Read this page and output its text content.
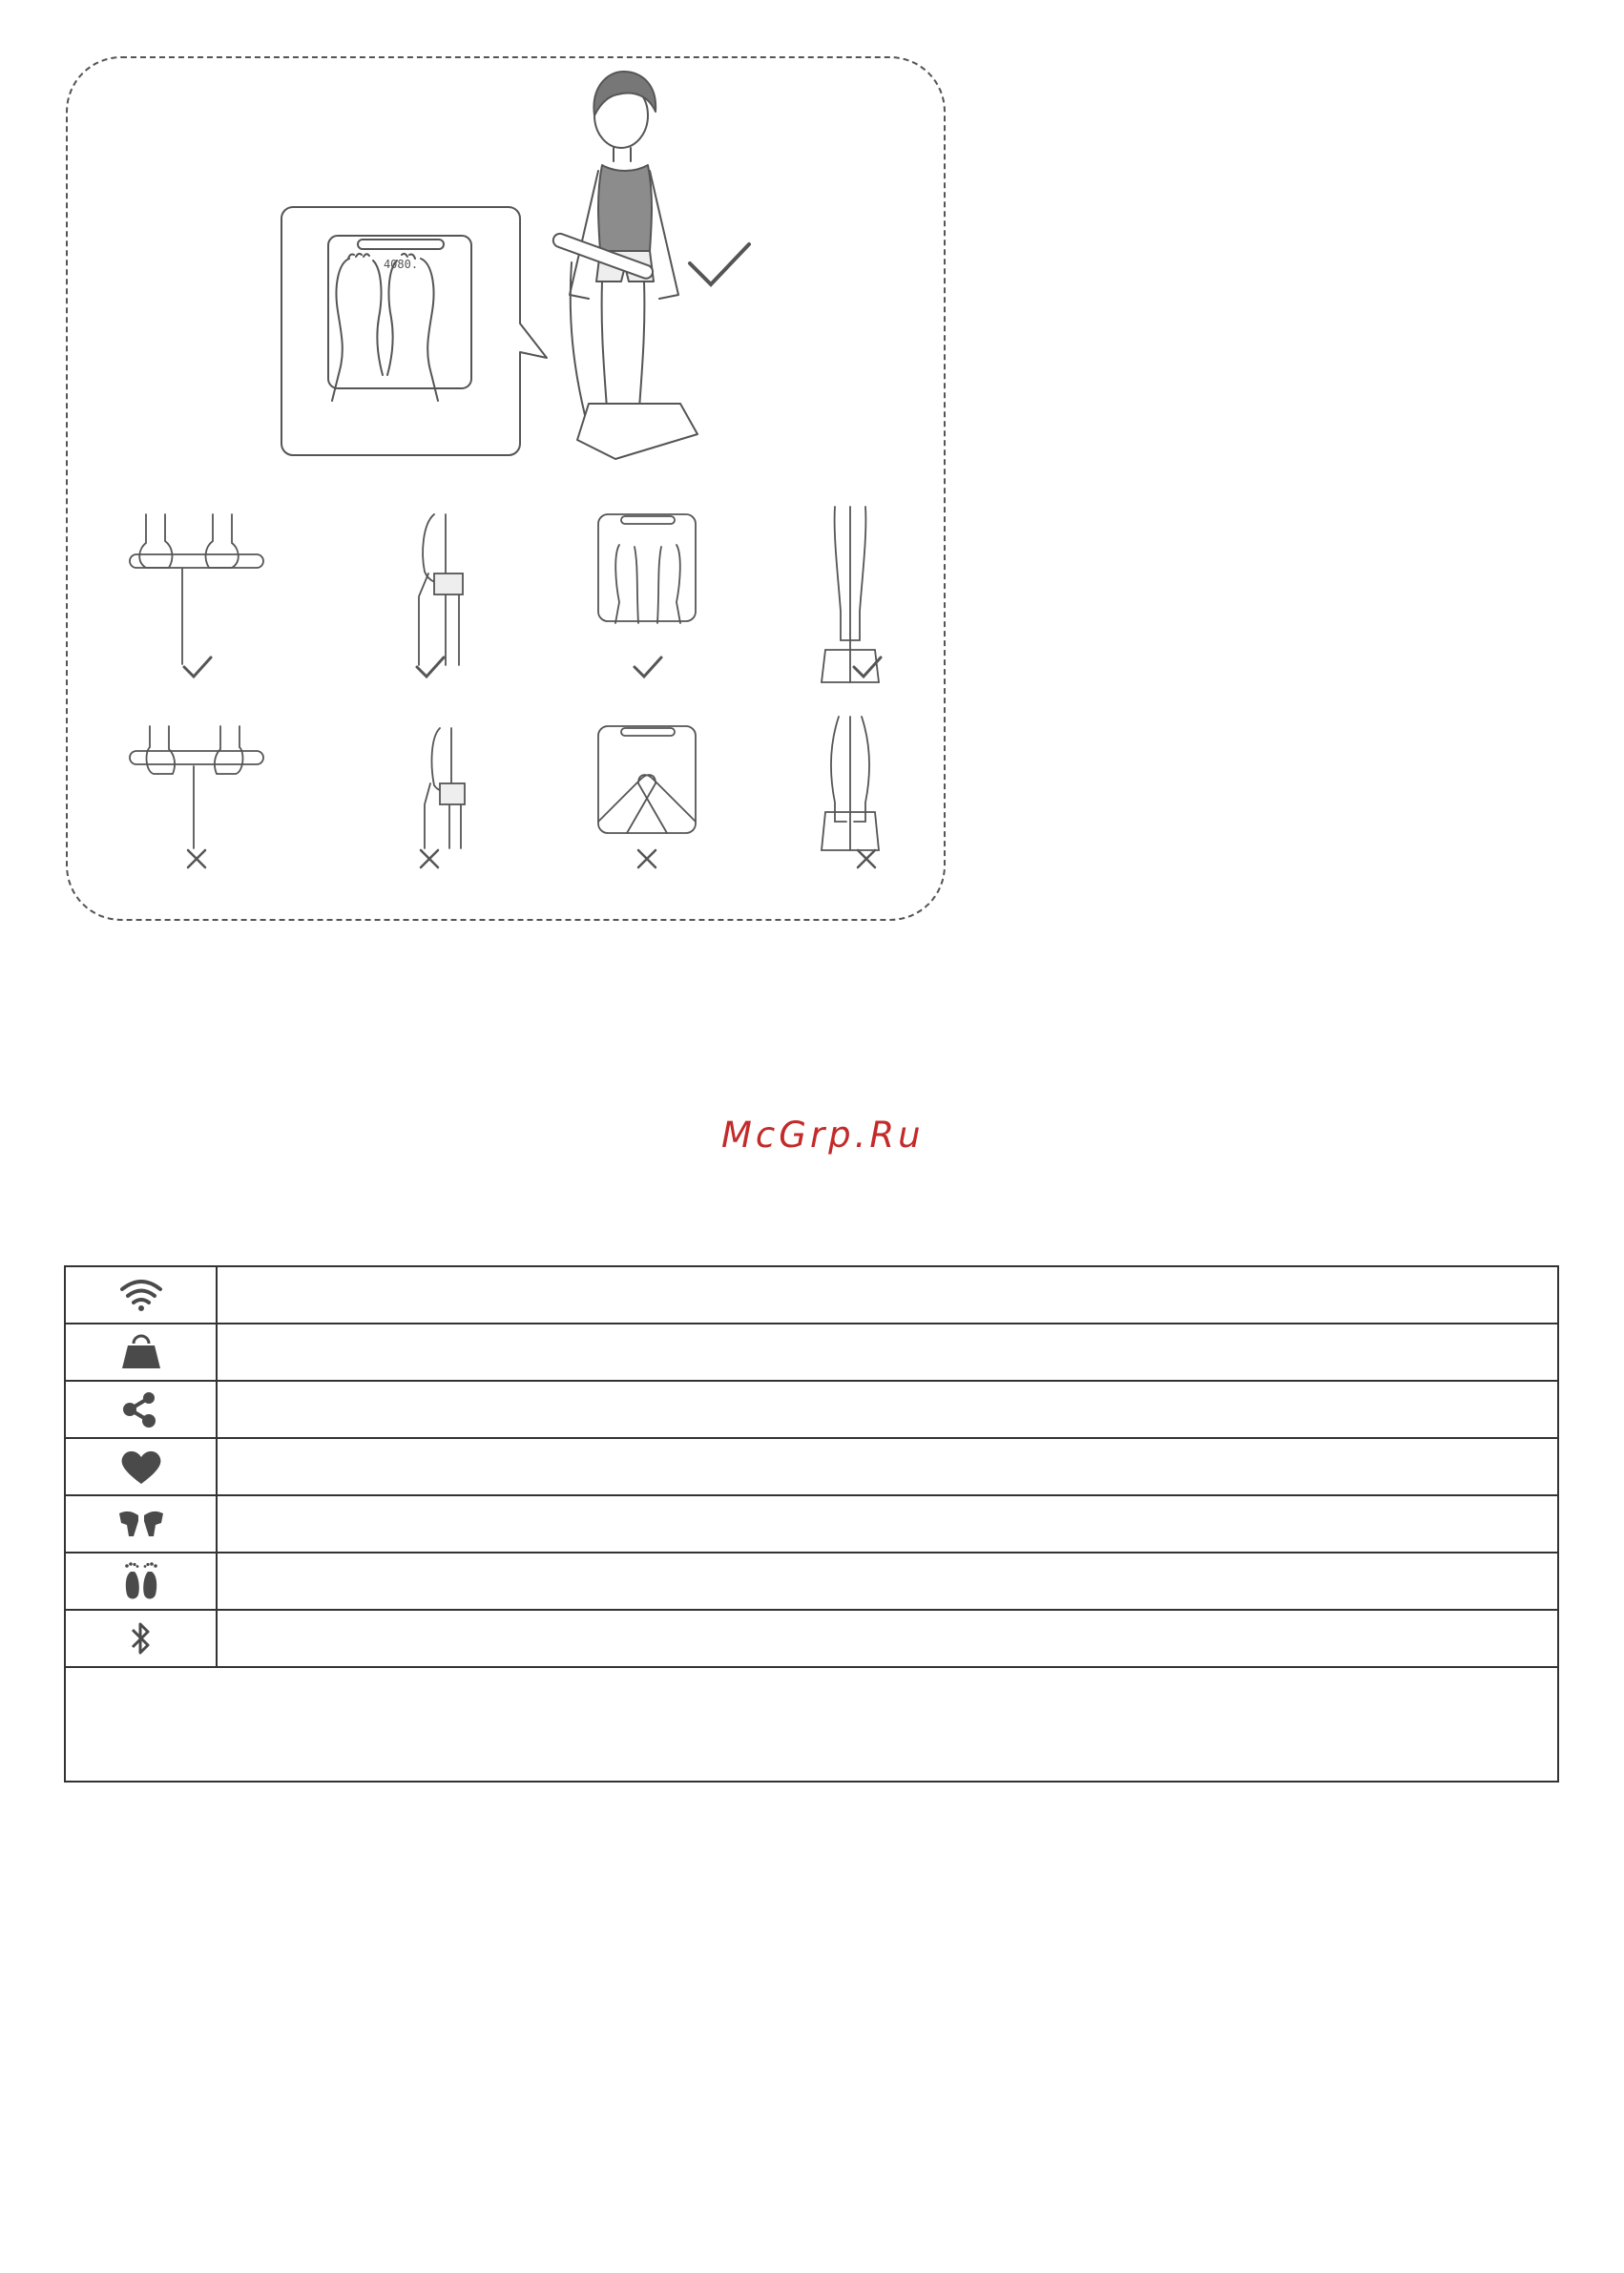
4080.
McGrp.Ru
